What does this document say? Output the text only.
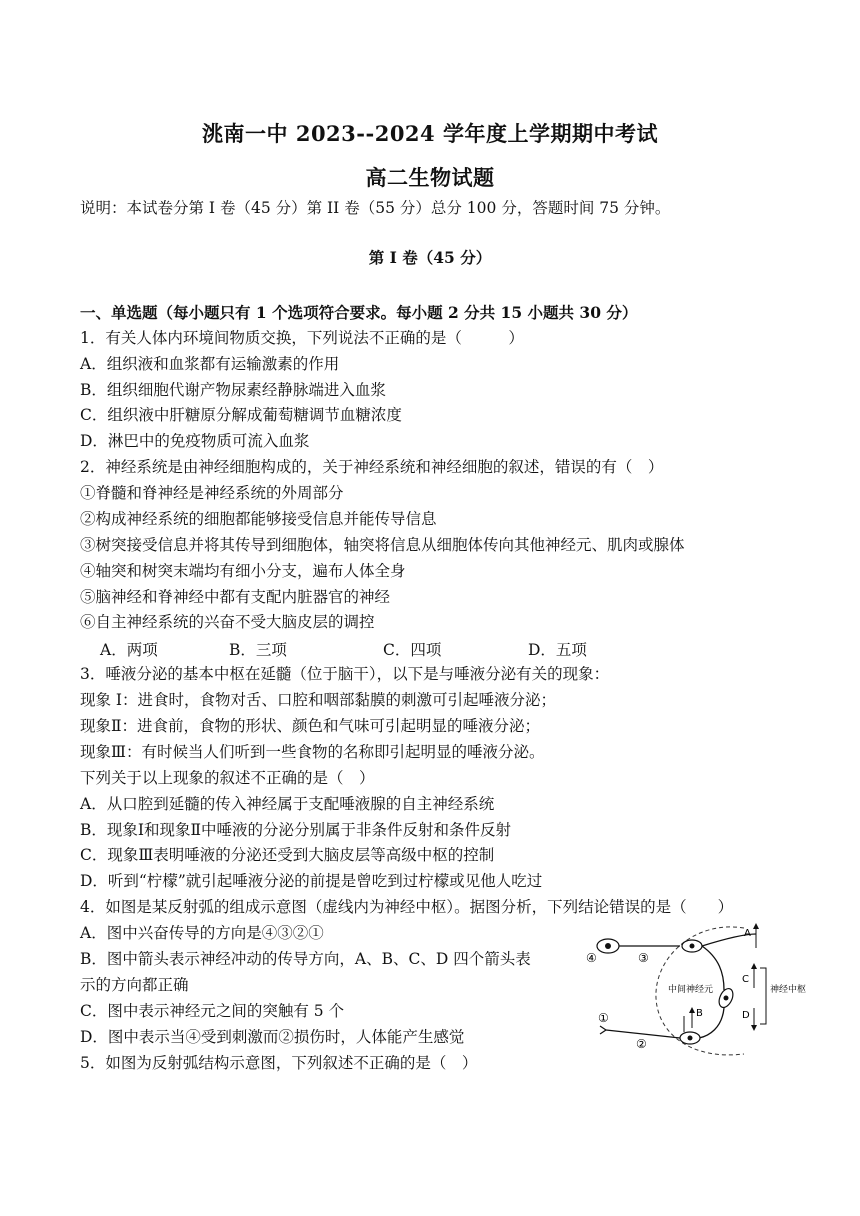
洮南一中 2023--2024 学年度上学期期中考试
高二生物试题
说明：本试卷分第 I 卷（45 分）第 II 卷（55 分）总分 100 分，答题时间 75 分钟。
第 I 卷（45 分）
一、单选题（每小题只有 1 个选项符合要求。每小题 2 分共 15 小题共 30 分）
1．有关人体内环境间物质交换，下列说法不正确的是（　　　）
A．组织液和血浆都有运输激素的作用
B．组织细胞代谢产物尿素经静脉端进入血浆
C．组织液中肝糖原分解成葡萄糖调节血糖浓度
D．淋巴中的免疫物质可流入血浆
2．神经系统是由神经细胞构成的，关于神经系统和神经细胞的叙述，错误的有（　）
①脊髓和脊神经是神经系统的外周部分
②构成神经系统的细胞都能够接受信息并能传导信息
③树突接受信息并将其传导到细胞体，轴突将信息从细胞体传向其他神经元、肌肉或腺体
④轴突和树突末端均有细小分支，遍布人体全身
⑤脑神经和脊神经中都有支配内脏器官的神经
⑥自主神经系统的兴奋不受大脑皮层的调控
A．两项	B．三项	C．四项	D．五项
3．唾液分泌的基本中枢在延髓（位于脑干），以下是与唾液分泌有关的现象：
现象 I：进食时，食物对舌、口腔和咽部黏膜的刺激可引起唾液分泌；
现象Ⅱ：进食前，食物的形状、颜色和气味可引起明显的唾液分泌；
现象Ⅲ：有时候当人们听到一些食物的名称即引起明显的唾液分泌。
下列关于以上现象的叙述不正确的是（　）
A．从口腔到延髓的传入神经属于支配唾液腺的自主神经系统
B．现象Ⅰ和现象Ⅱ中唾液的分泌分别属于非条件反射和条件反射
C．现象Ⅲ表明唾液的分泌还受到大脑皮层等高级中枢的控制
D．听到“柠檬”就引起唾液分泌的前提是曾吃到过柠檬或见他人吃过
4．如图是某反射弧的组成示意图（虚线内为神经中枢）。据图分析，下列结论错误的是（　　）
A．图中兴奋传导的方向是④③②①
B．图中箭头表示神经冲动的传导方向，A、B、C、D 四个箭头表
示的方向都正确
C．图中表示神经元之间的突触有 5 个
D．图中表示当④受到刺激而②损伤时，人体能产生感觉
5．如图为反射弧结构示意图，下列叙述不正确的是（　）
④	③
①
②
A
B
C
D
中间神经元	神经中枢
